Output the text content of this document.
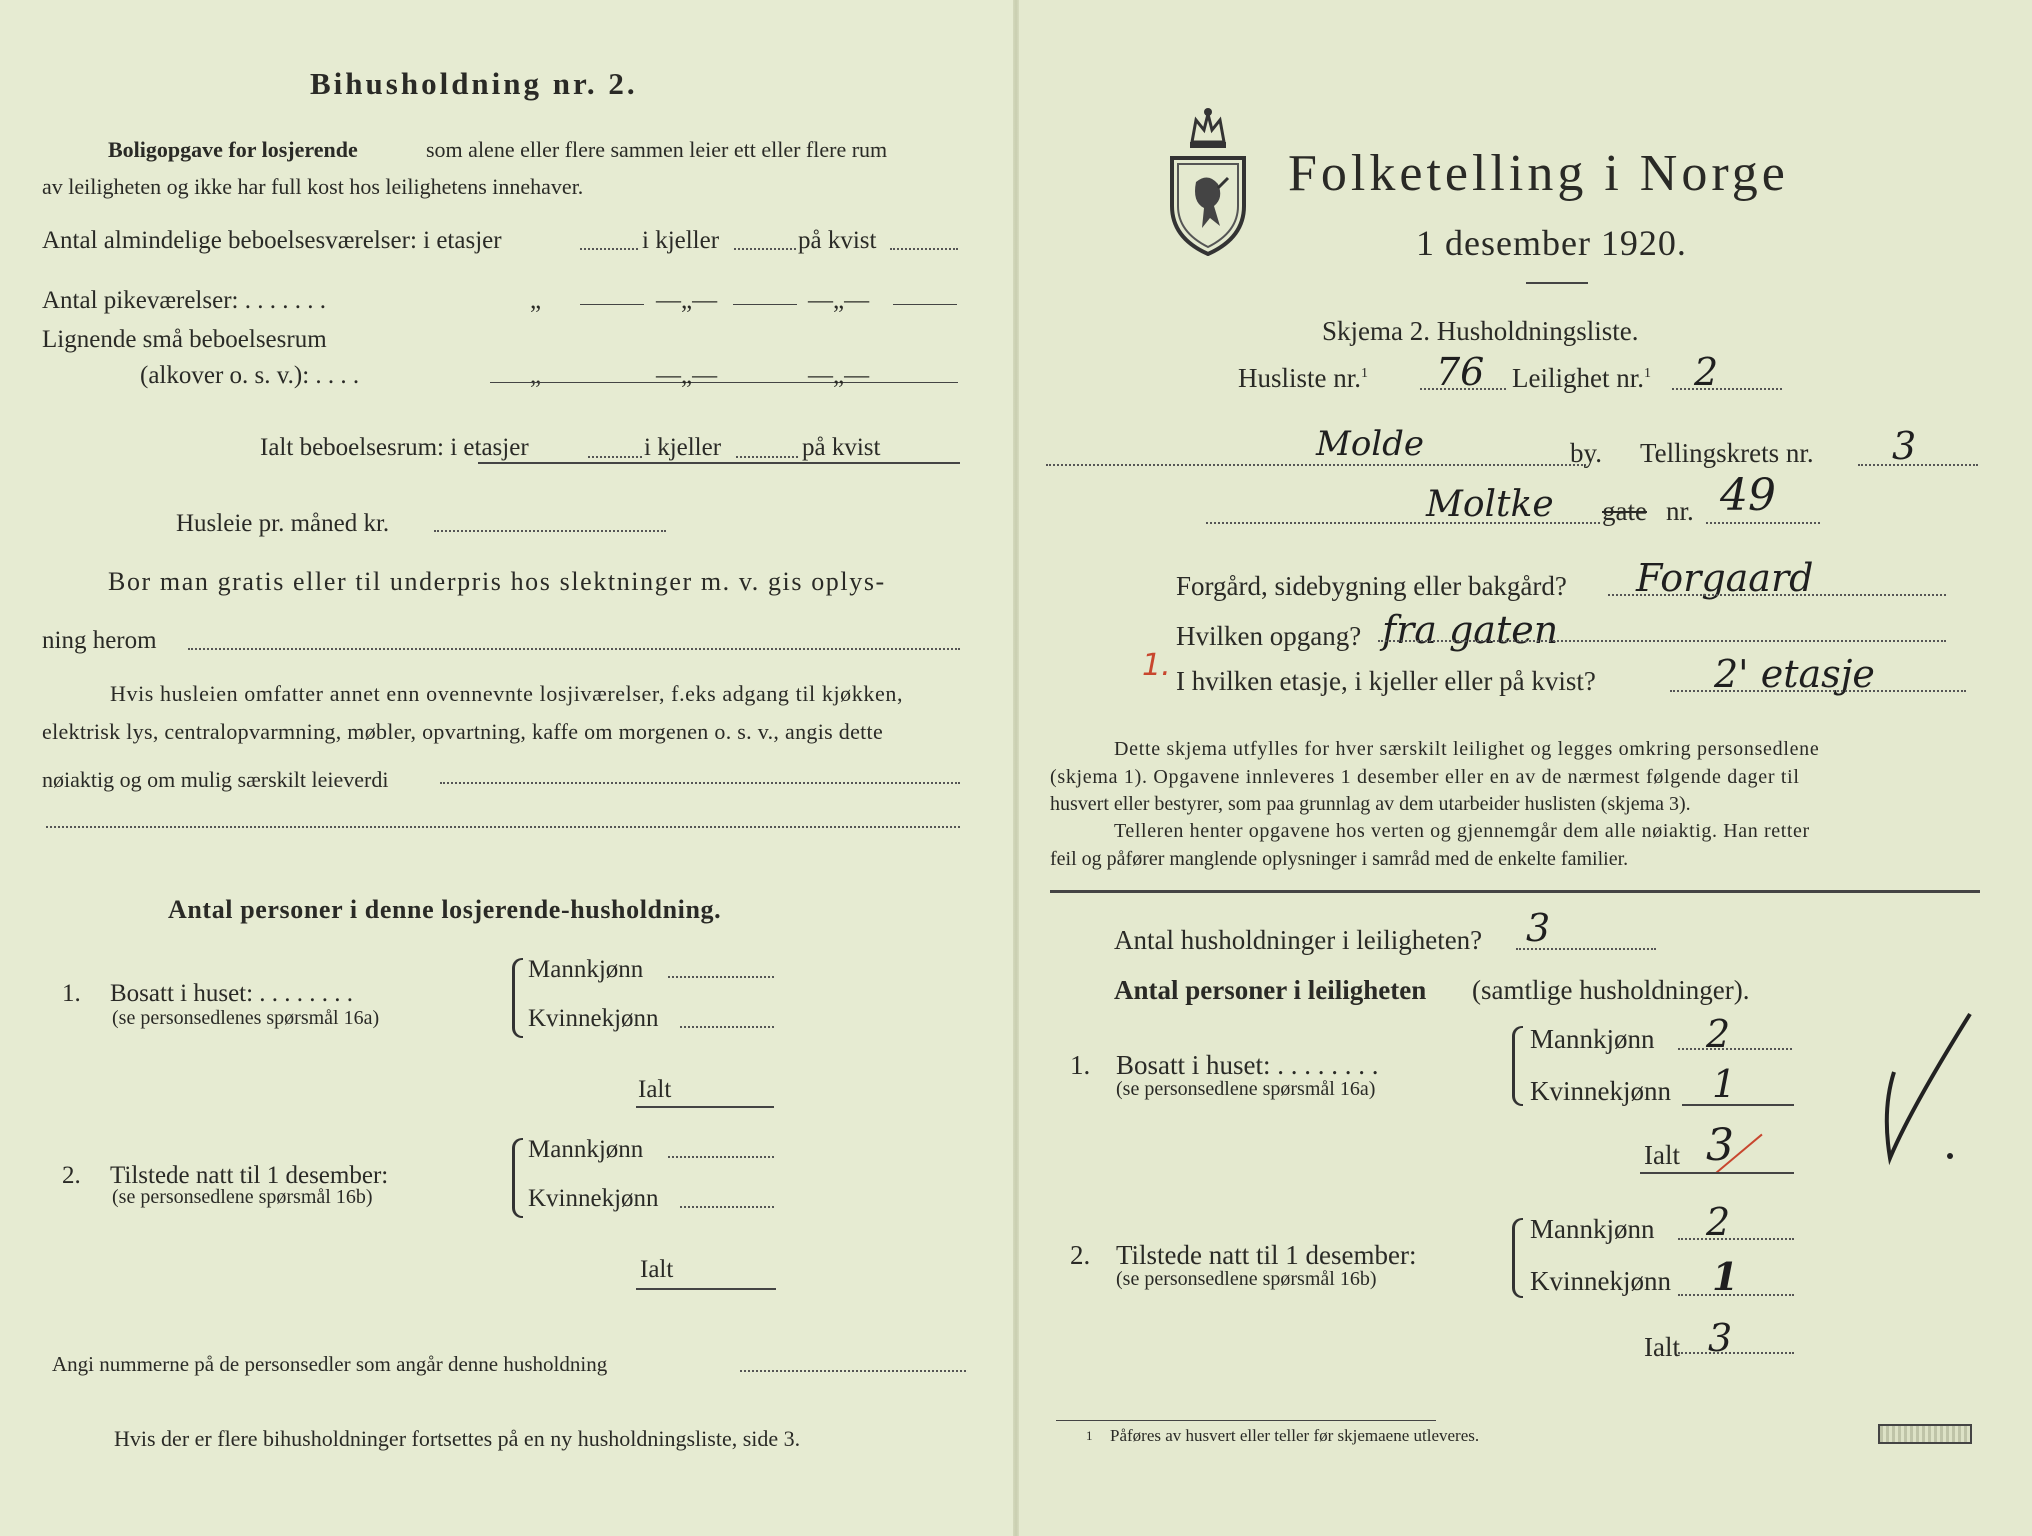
Bihusholdning nr. 2.
Boligopgave for losjerende	som alene eller flere sammen leier ett eller flere rum
av leiligheten og ikke har full kost hos leilighetens innehaver.
Antal almindelige beboelsesværelser: i etasjer	i kjeller	på kvist
Antal pikeværelser: . . . . . . .	„	—„—	—„—
Lignende små beboelsesrum
(alkover o. s. v.): . . . .	„	—„—	—„—
Ialt beboelsesrum: i etasjer	i kjeller	på kvist
Husleie pr. måned kr.
Bor man gratis eller til underpris hos slektninger m. v. gis oplys-
ning herom
Hvis husleien omfatter annet enn ovennevnte losjiværelser, f.eks adgang til kjøkken,
elektrisk lys, centralopvarmning, møbler, opvartning, kaffe om morgenen o. s. v., angis dette
nøiaktig og om mulig særskilt leieverdi
Antal personer i denne losjerende-husholdning.
1. Bosatt i huset: . . . . . . . .
(se personsedlenes spørsmål 16a)
Mannkjønn
Kvinnekjønn
Ialt
2. Tilstede natt til 1 desember:
(se personsedlene spørsmål 16b)
Mannkjønn
Kvinnekjønn
Ialt
Angi nummerne på de personsedler som angår denne husholdning
Hvis der er flere bihusholdninger fortsettes på en ny husholdningsliste, side 3.
Folketelling i Norge
1 desember 1920.
Skjema 2. Husholdningsliste.
Husliste nr.$^1$ 76 Leilighet nr.$^1$ 2
Molde	by. Tellingskrets nr. 3
Moltke gate nr. 49
Forgård, sidebygning eller bakgård? Forgaard
Hvilken opgang? fra gaten
1. I hvilken etasje, i kjeller eller på kvist?	2' etasje
Dette skjema utfylles for hver særskilt leilighet og legges omkring personsedlene
(skjema 1). Opgavene innleveres 1 desember eller en av de nærmest følgende dager til
husvert eller bestyrer, som paa grunnlag av dem utarbeider huslisten (skjema 3).
Telleren henter opgavene hos verten og gjennemgår dem alle nøiaktig. Han retter
feil og påfører manglende oplysninger i samråd med de enkelte familier.
Antal husholdninger i leiligheten? 3
Antal personer i leiligheten (samtlige husholdninger).
1. Bosatt i huset: . . . . . . . .
(se personsedlene spørsmål 16a)
Mannkjønn 2
Kvinnekjønn 1
Ialt 3
2. Tilstede natt til 1 desember:
(se personsedlene spørsmål 16b)
Mannkjønn 2
Kvinnekjønn 1
Ialt 3
1 Påføres av husvert eller teller før skjemaene utleveres.
